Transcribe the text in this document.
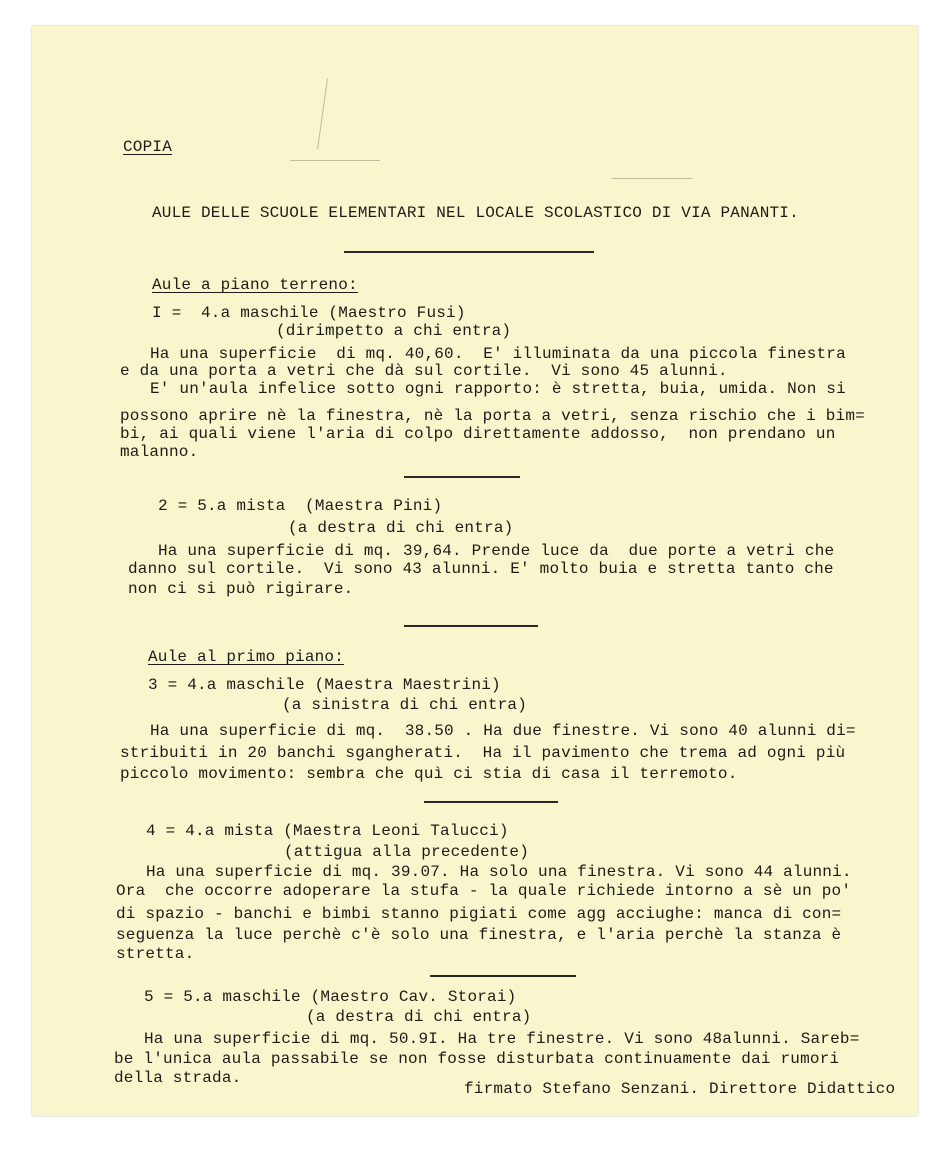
COPIA
AULE DELLE SCUOLE ELEMENTARI NEL LOCALE SCOLASTICO DI VIA PANANTI.
Aule a piano terreno:
I =  4.a maschile (Maestro Fusi)
(dirimpetto a chi entra)
Ha una superficie  di mq. 40,60.  E' illuminata da una piccola finestra
e da una porta a vetri che dà sul cortile.  Vi sono 45 alunni.
E' un'aula infelice sotto ogni rapporto: è stretta, buia, umida. Non si
possono aprire nè la finestra, nè la porta a vetri, senza rischio che i bim=
bi, ai quali viene l'aria di colpo direttamente addosso,  non prendano un
malanno.
2 = 5.a mista  (Maestra Pini)
(a destra di chi entra)
Ha una superficie di mq. 39,64. Prende luce da  due porte a vetri che
danno sul cortile.  Vi sono 43 alunni. E' molto buia e stretta tanto che
non ci si può rigirare.
Aule al primo piano:
3 = 4.a maschile (Maestra Maestrini)
(a sinistra di chi entra)
Ha una superficie di mq.  38.50 . Ha due finestre. Vi sono 40 alunni di=
stribuiti in 20 banchi sgangherati.  Ha il pavimento che trema ad ogni più
piccolo movimento: sembra che quì ci stia di casa il terremoto.
4 = 4.a mista (Maestra Leoni Talucci)
(attigua alla precedente)
Ha una superficie di mq. 39.07. Ha solo una finestra. Vi sono 44 alunni.
Ora  che occorre adoperare la stufa - la quale richiede intorno a sè un po'
di spazio - banchi e bimbi stanno pigiati come agg acciughe: manca di con=
seguenza la luce perchè c'è solo una finestra, e l'aria perchè la stanza è
stretta.
5 = 5.a maschile (Maestro Cav. Storai)
(a destra di chi entra)
Ha una superficie di mq. 50.9I. Ha tre finestre. Vi sono 48alunni. Sareb=
be l'unica aula passabile se non fosse disturbata continuamente dai rumori
della strada.
firmato Stefano Senzani. Direttore Didattico
